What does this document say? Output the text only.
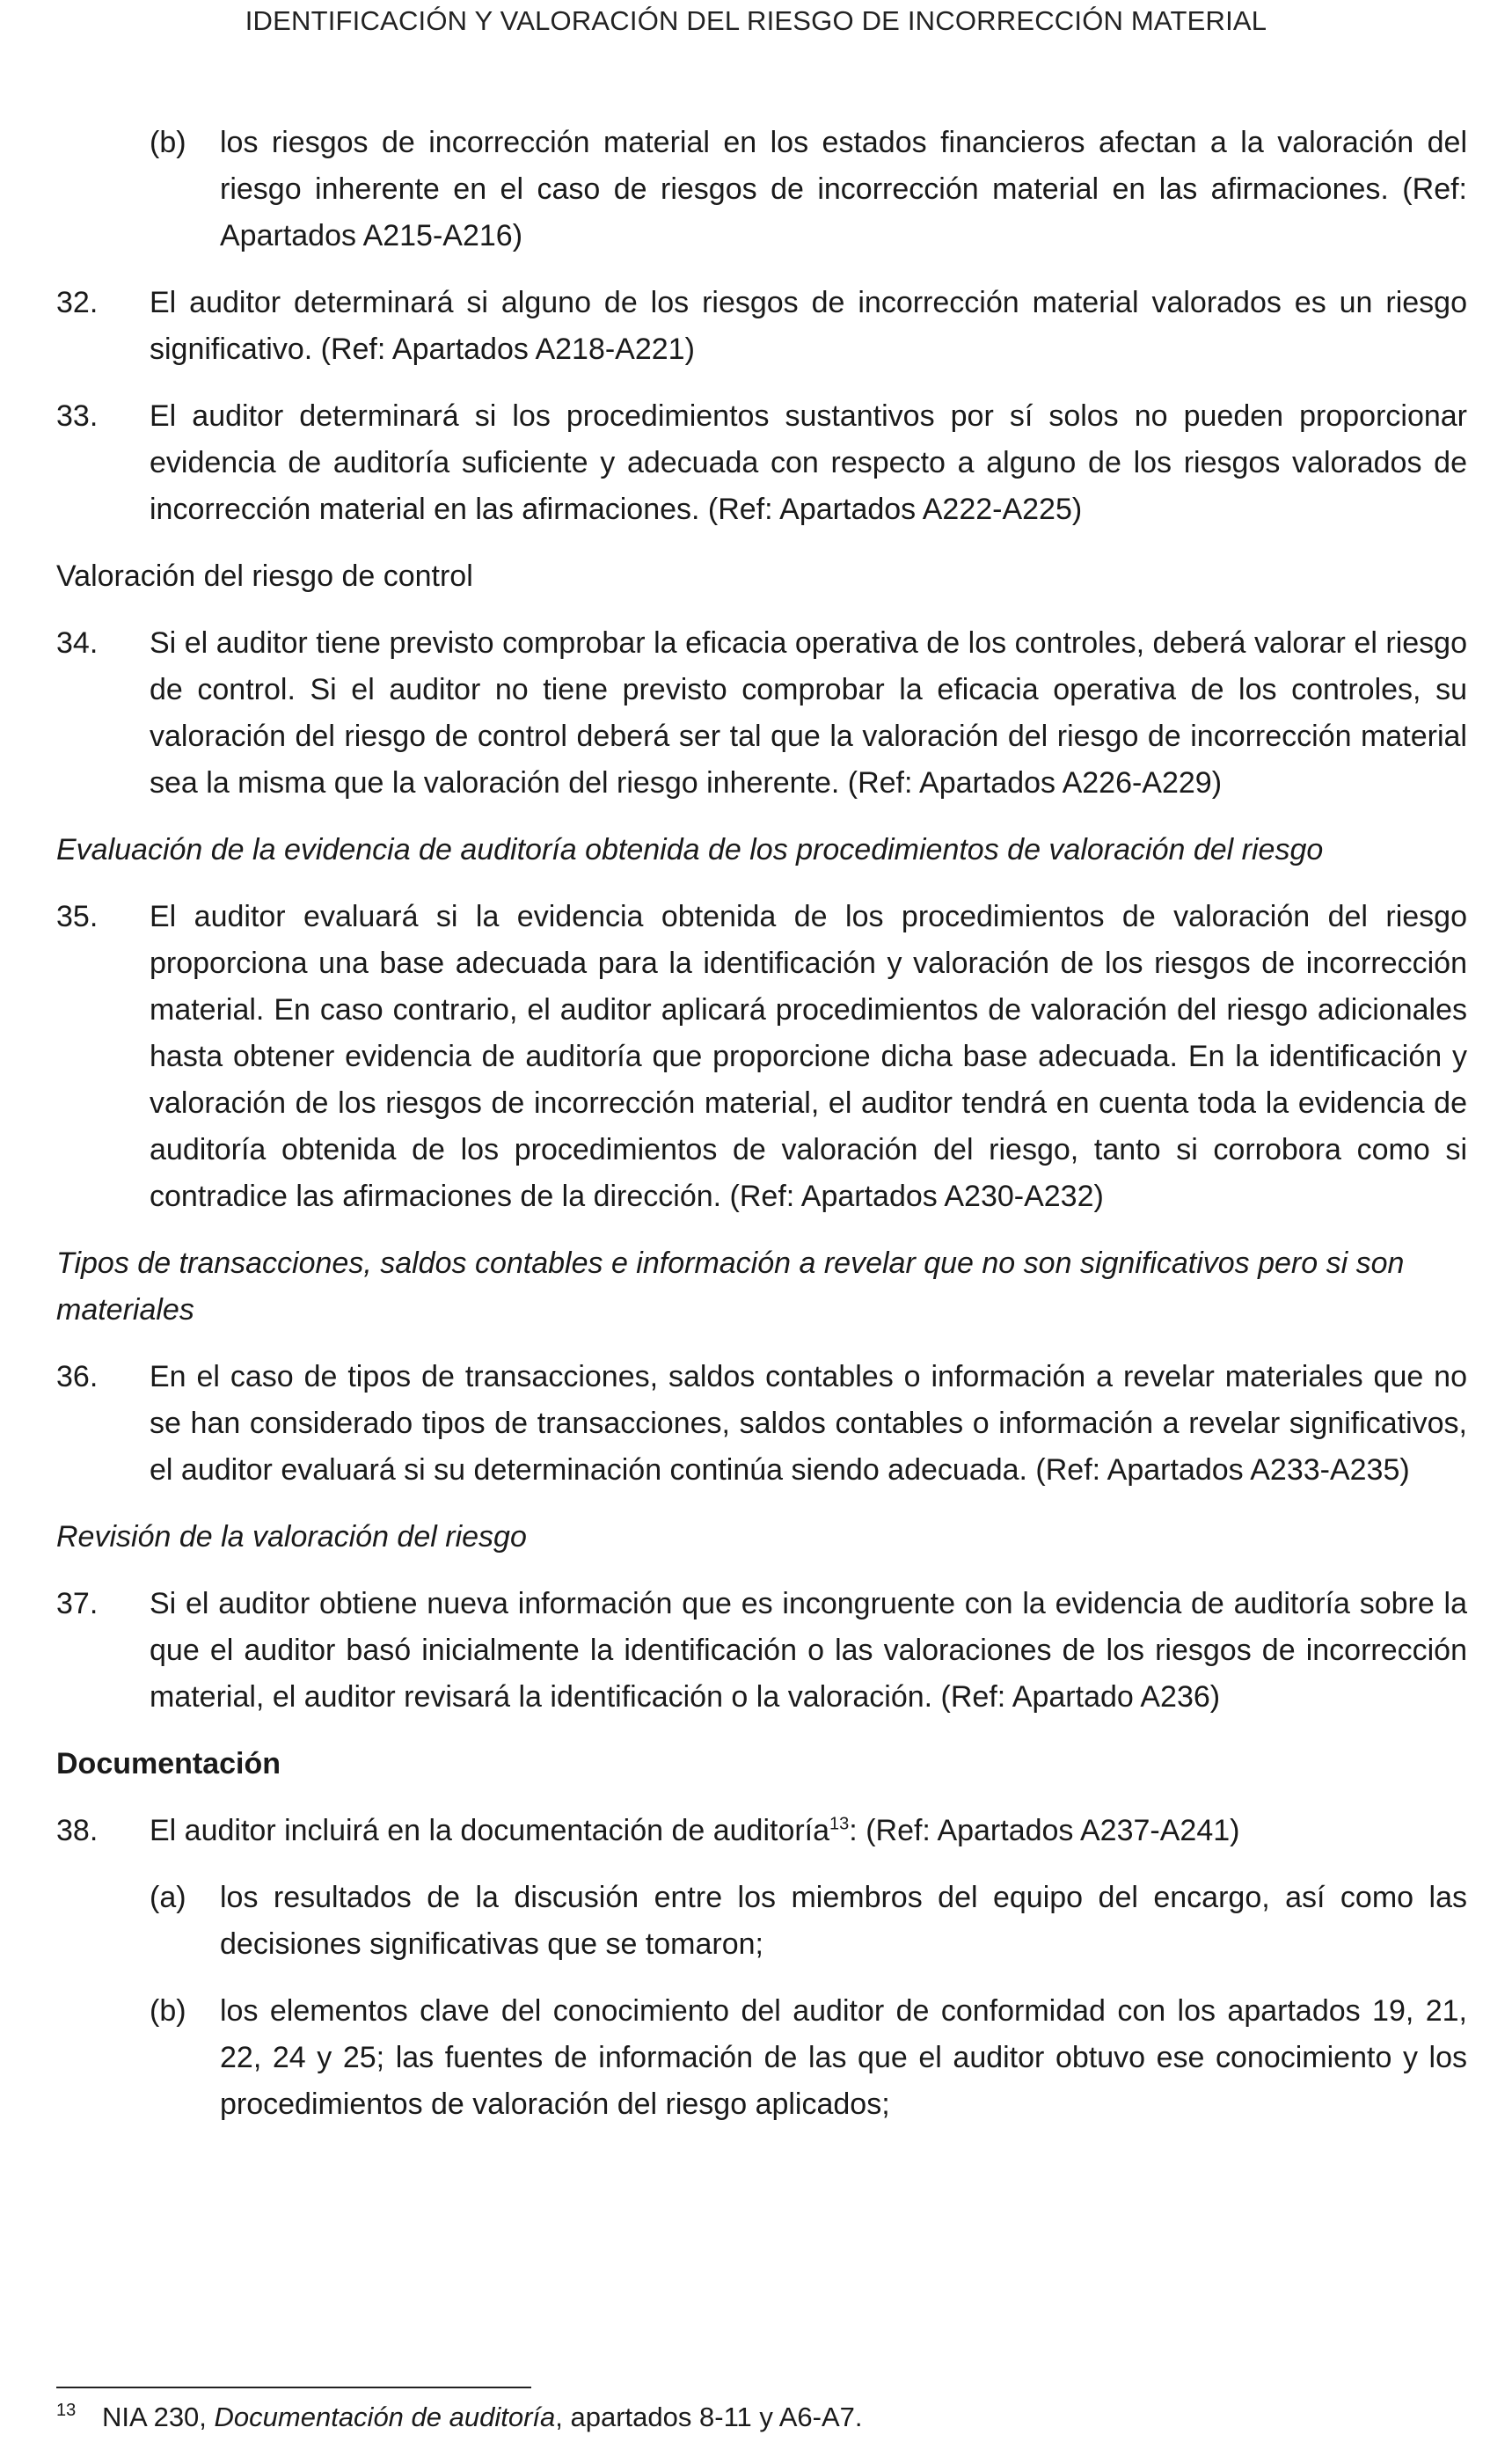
IDENTIFICACIÓN Y VALORACIÓN DEL RIESGO DE INCORRECCIÓN MATERIAL
(b)	los riesgos de incorrección material en los estados financieros afectan a la valoración del riesgo inherente en el caso de riesgos de incorrección material en las afirmaciones. (Ref: Apartados A215-A216)
32.	El auditor determinará si alguno de los riesgos de incorrección material valorados es un riesgo significativo. (Ref: Apartados A218-A221)
33.	El auditor determinará si los procedimientos sustantivos por sí solos no pueden proporcionar evidencia de auditoría suficiente y adecuada con respecto a alguno de los riesgos valorados de incorrección material en las afirmaciones. (Ref: Apartados A222-A225)
Valoración del riesgo de control
34.	Si el auditor tiene previsto comprobar la eficacia operativa de los controles, deberá valorar el riesgo de control. Si el auditor no tiene previsto comprobar la eficacia operativa de los controles, su valoración del riesgo de control deberá ser tal que la valoración del riesgo de incorrección material sea la misma que la valoración del riesgo inherente. (Ref: Apartados A226-A229)
Evaluación de la evidencia de auditoría obtenida de los procedimientos de valoración del riesgo
35.	El auditor evaluará si la evidencia obtenida de los procedimientos de valoración del riesgo proporciona una base adecuada para la identificación y valoración de los riesgos de incorrección material. En caso contrario, el auditor aplicará procedimientos de valoración del riesgo adicionales hasta obtener evidencia de auditoría que proporcione dicha base adecuada. En la identificación y valoración de los riesgos de incorrección material, el auditor tendrá en cuenta toda la evidencia de auditoría obtenida de los procedimientos de valoración del riesgo, tanto si corrobora como si contradice las afirmaciones de la dirección. (Ref: Apartados A230-A232)
Tipos de transacciones, saldos contables e información a revelar que no son significativos pero si son materiales
36.	En el caso de tipos de transacciones, saldos contables o información a revelar materiales que no se han considerado tipos de transacciones, saldos contables o información a revelar significativos, el auditor evaluará si su determinación continúa siendo adecuada. (Ref: Apartados A233-A235)
Revisión de la valoración del riesgo
37.	Si el auditor obtiene nueva información que es incongruente con la evidencia de auditoría sobre la que el auditor basó inicialmente la identificación o las valoraciones de los riesgos de incorrección material, el auditor revisará la identificación o la valoración. (Ref: Apartado A236)
Documentación
38.	El auditor incluirá en la documentación de auditoría$^{13}$: (Ref: Apartados A237-A241)
(a)	los resultados de la discusión entre los miembros del equipo del encargo, así como las decisiones significativas que se tomaron;
(b)	los elementos clave del conocimiento del auditor de conformidad con los apartados 19, 21, 22, 24 y 25; las fuentes de información de las que el auditor obtuvo ese conocimiento y los procedimientos de valoración del riesgo aplicados;
13 NIA 230, Documentación de auditoría, apartados 8-11 y A6-A7.
